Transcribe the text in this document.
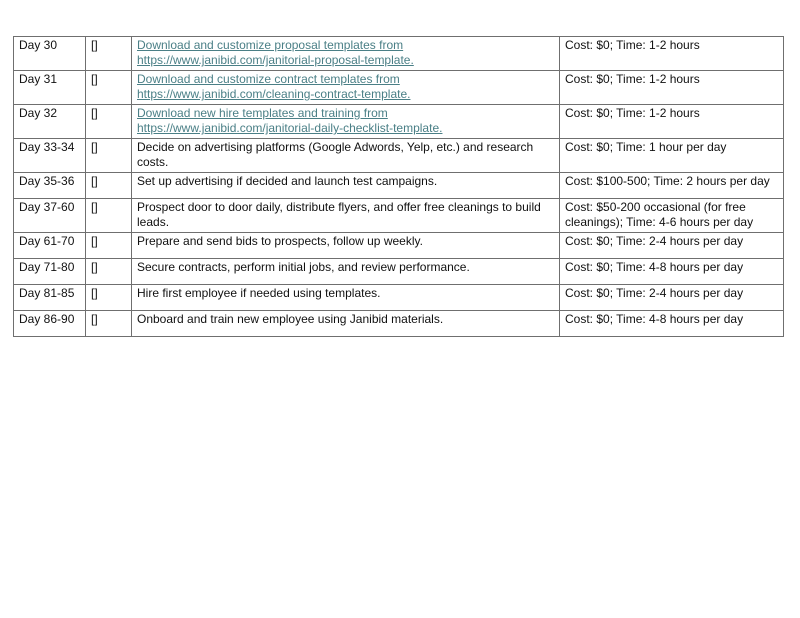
Day 30	[]	Download and customize proposal templates from https://www.janibid.com/janitorial-proposal-template.	Cost: $0; Time: 1-2 hours
Day 31	[]	Download and customize contract templates from https://www.janibid.com/cleaning-contract-template.	Cost: $0; Time: 1-2 hours
Day 32	[]	Download new hire templates and training from https://www.janibid.com/janitorial-daily-checklist-template.	Cost: $0; Time: 1-2 hours
Day 33-34	[]	Decide on advertising platforms (Google Adwords, Yelp, etc.) and research costs.	Cost: $0; Time: 1 hour per day
Day 35-36	[]	Set up advertising if decided and launch test campaigns.	Cost: $100-500; Time: 2 hours per day
Day 37-60	[]	Prospect door to door daily, distribute flyers, and offer free cleanings to build leads.	Cost: $50-200 occasional (for free cleanings); Time: 4-6 hours per day
Day 61-70	[]	Prepare and send bids to prospects, follow up weekly.	Cost: $0; Time: 2-4 hours per day
Day 71-80	[]	Secure contracts, perform initial jobs, and review performance.	Cost: $0; Time: 4-8 hours per day
Day 81-85	[]	Hire first employee if needed using templates.	Cost: $0; Time: 2-4 hours per day
Day 86-90	[]	Onboard and train new employee using Janibid materials.	Cost: $0; Time: 4-8 hours per day
